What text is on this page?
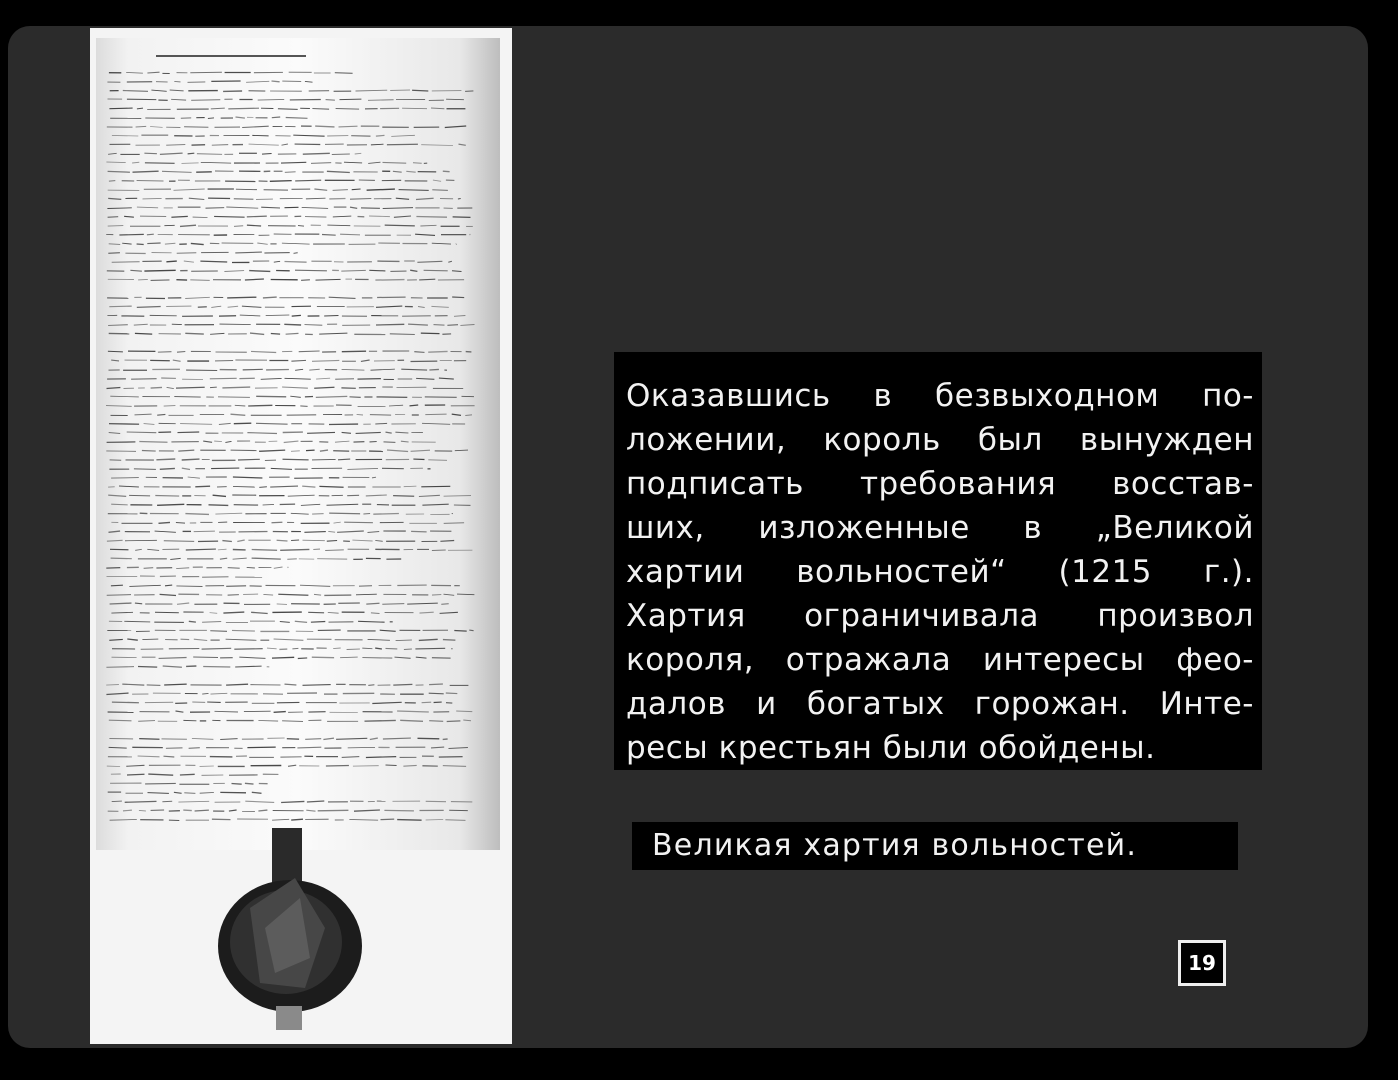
Оказавшись в безвыходном по-
ложении, король был вынужден
подписать требования восстав-
ших, изложенные в „Великой
хартии вольностей“ (1215 г.).
Хартия ограничивала произвол
короля, отражала интересы фео-
далов и богатых горожан. Инте-
ресы крестьян были обойдены.
Великая хартия вольностей.
19
